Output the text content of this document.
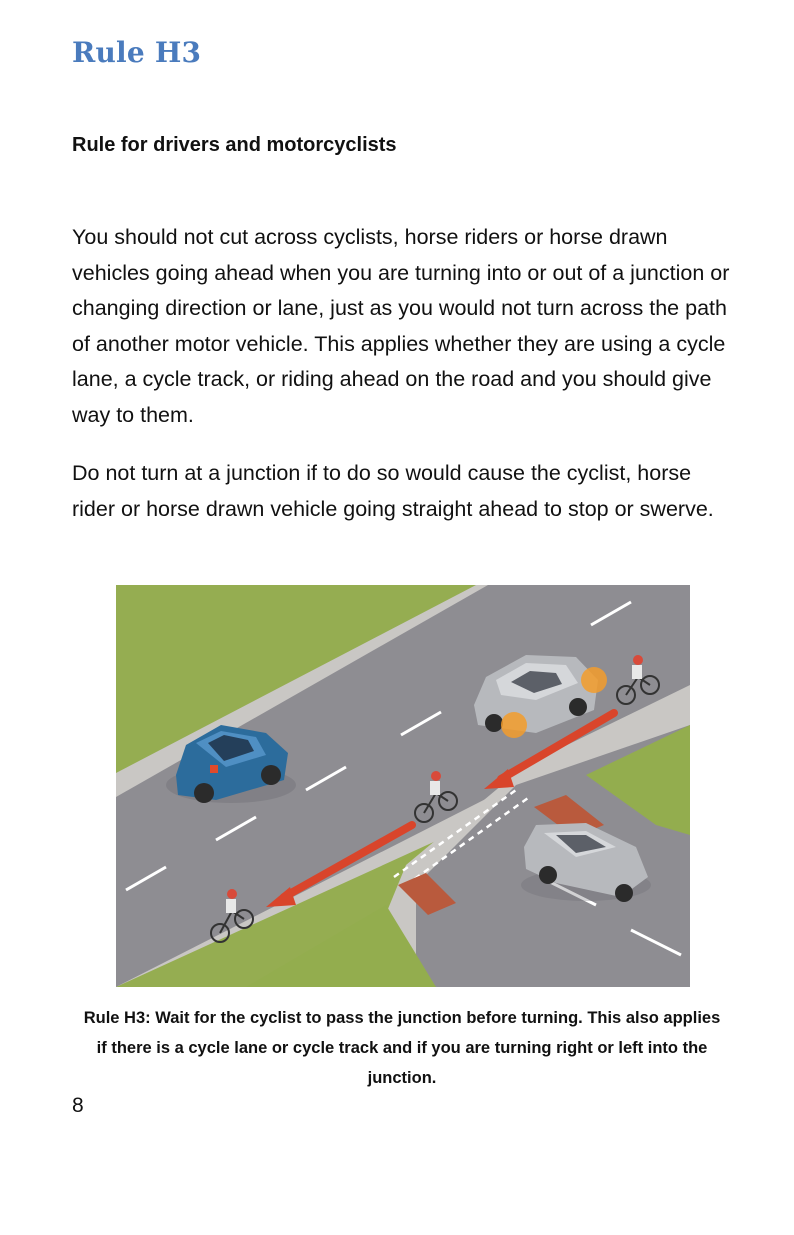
Rule H3
Rule for drivers and motorcyclists

You should not cut across cyclists, horse riders or horse drawn vehicles going ahead when you are turning into or out of a junction or changing direction or lane, just as you would not turn across the path of another motor vehicle. This applies whether they are using a cycle lane, a cycle track, or riding ahead on the road and you should give way to them.

Do not turn at a junction if to do so would cause the cyclist, horse rider or horse drawn vehicle going straight ahead to stop or swerve.

Rule H3: Wait for the cyclist to pass the junction before turning. This also applies if there is a cycle lane or cycle track and if you are turning right or left into the junction.

8
